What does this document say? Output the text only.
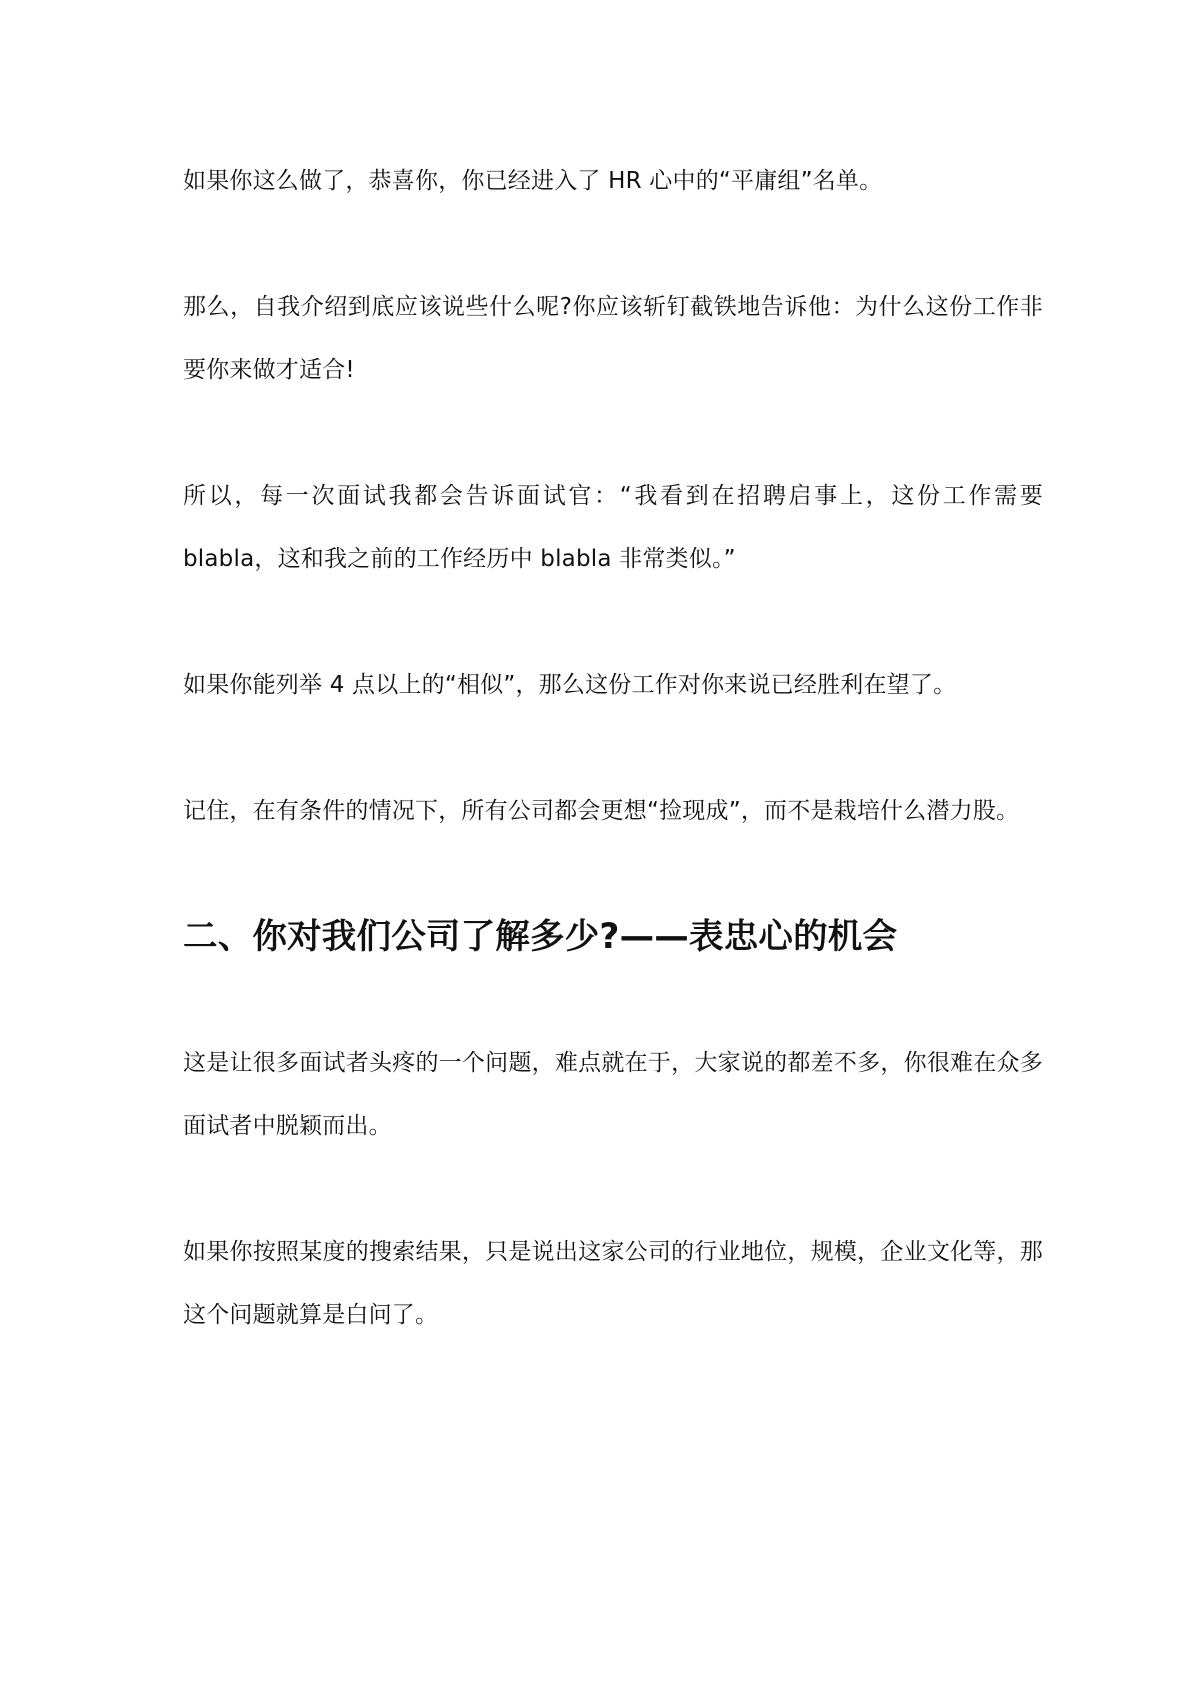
如果你这么做了，恭喜你，你已经进入了 HR 心中的“平庸组”名单。

那么，自我介绍到底应该说些什么呢?你应该斩钉截铁地告诉他：为什么这份工作非要你来做才适合!

所以，每一次面试我都会告诉面试官：“我看到在招聘启事上，这份工作需要 blabla，这和我之前的工作经历中 blabla 非常类似。”

如果你能列举 4 点以上的“相似”，那么这份工作对你来说已经胜利在望了。

记住，在有条件的情况下，所有公司都会更想“捡现成”，而不是栽培什么潜力股。

二、你对我们公司了解多少?——表忠心的机会

这是让很多面试者头疼的一个问题，难点就在于，大家说的都差不多，你很难在众多面试者中脱颖而出。

如果你按照某度的搜索结果，只是说出这家公司的行业地位，规模，企业文化等，那这个问题就算是白问了。
